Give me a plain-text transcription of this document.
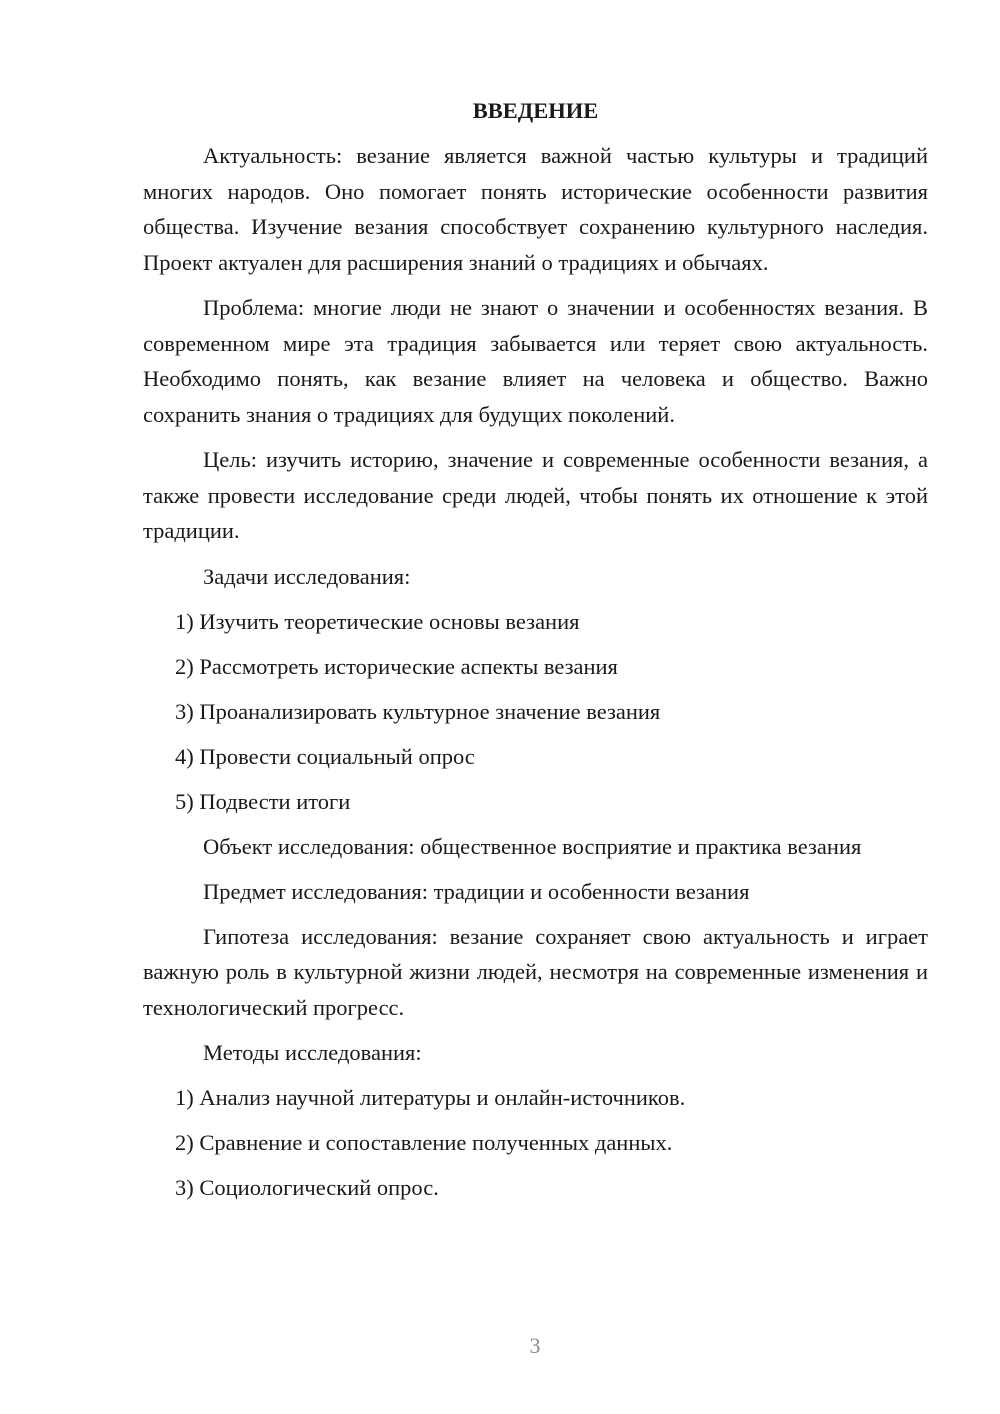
ВВЕДЕНИЕ

Актуальность: везание является важной частью культуры и традиций многих народов. Оно помогает понять исторические особенности развития общества. Изучение везания способствует сохранению культурного наследия. Проект актуален для расширения знаний о традициях и обычаях.

Проблема: многие люди не знают о значении и особенностях везания. В современном мире эта традиция забывается или теряет свою актуальность. Необходимо понять, как везание влияет на человека и общество. Важно сохранить знания о традициях для будущих поколений.

Цель: изучить историю, значение и современные особенности везания, а также провести исследование среди людей, чтобы понять их отношение к этой традиции.

Задачи исследования:
1) Изучить теоретические основы везания
2) Рассмотреть исторические аспекты везания
3) Проанализировать культурное значение везания
4) Провести социальный опрос
5) Подвести итоги
Объект исследования: общественное восприятие и практика везания
Предмет исследования: традиции и особенности везания

Гипотеза исследования: везание сохраняет свою актуальность и играет важную роль в культурной жизни людей, несмотря на современные изменения и технологический прогресс.

Методы исследования:
1) Анализ научной литературы и онлайн-источников.
2) Сравнение и сопоставление полученных данных.
3) Социологический опрос.
3
